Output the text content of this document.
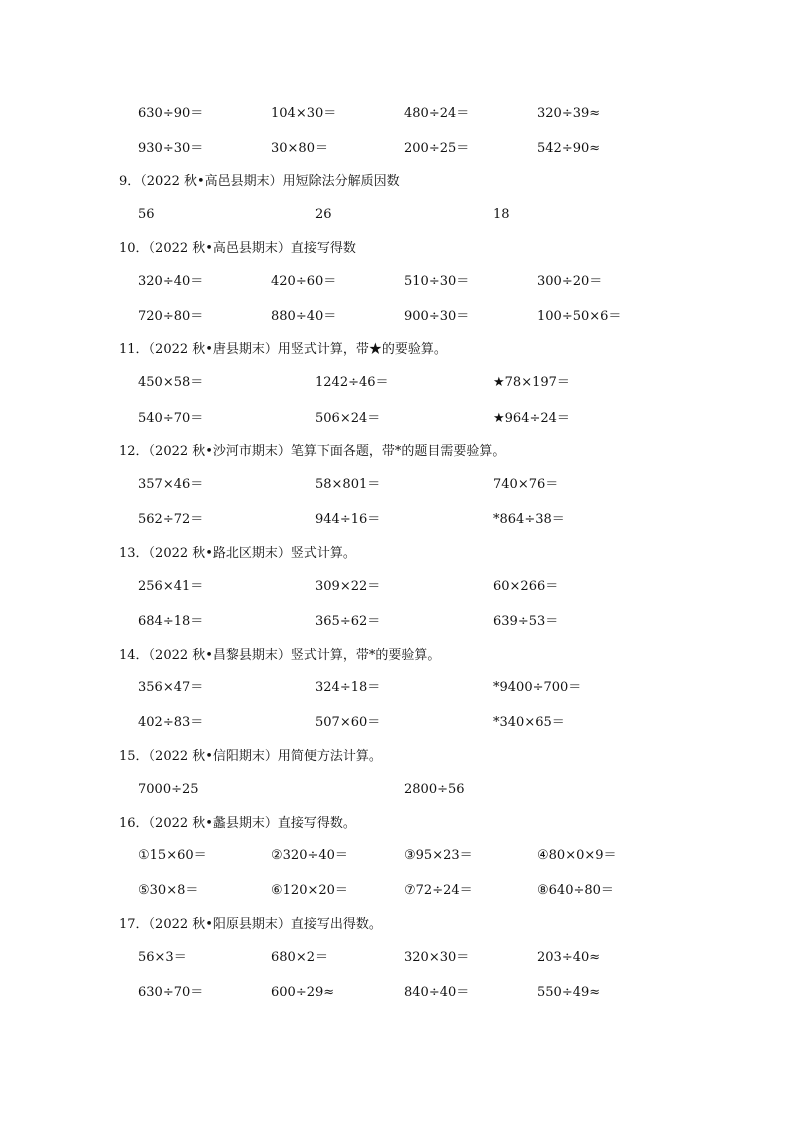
630÷90＝	104×30＝	480÷24＝	320÷39≈
930÷30＝	30×80＝	200÷25＝	542÷90≈
9．（2022 秋•高邑县期末）用短除法分解质因数
56	26	18
10．（2022 秋•高邑县期末）直接写得数
320÷40＝	420÷60＝	510÷30＝	300÷20＝
720÷80＝	880÷40＝	900÷30＝	100÷50×6＝
11．（2022 秋•唐县期末）用竖式计算，带★的要验算。
450×58＝	1242÷46＝	★78×197＝
540÷70＝	506×24＝	★964÷24＝
12．（2022 秋•沙河市期末）笔算下面各题，带*的题目需要验算。
357×46＝	58×801＝	740×76＝
562÷72＝	944÷16＝	*864÷38＝
13．（2022 秋•路北区期末）竖式计算。
256×41＝	309×22＝	60×266＝
684÷18＝	365÷62＝	639÷53＝
14．（2022 秋•昌黎县期末）竖式计算，带*的要验算。
356×47＝	324÷18＝	*9400÷700＝
402÷83＝	507×60＝	*340×65＝
15．（2022 秋•信阳期末）用简便方法计算。
7000÷25	2800÷56
16．（2022 秋•蠡县期末）直接写得数。
①15×60＝	②320÷40＝	③95×23＝	④80×0×9＝
⑤30×8＝	⑥120×20＝	⑦72÷24＝	⑧640÷80＝
17．（2022 秋•阳原县期末）直接写出得数。
56×3＝	680×2＝	320×30＝	203÷40≈
630÷70＝	600÷29≈	840÷40＝	550÷49≈
